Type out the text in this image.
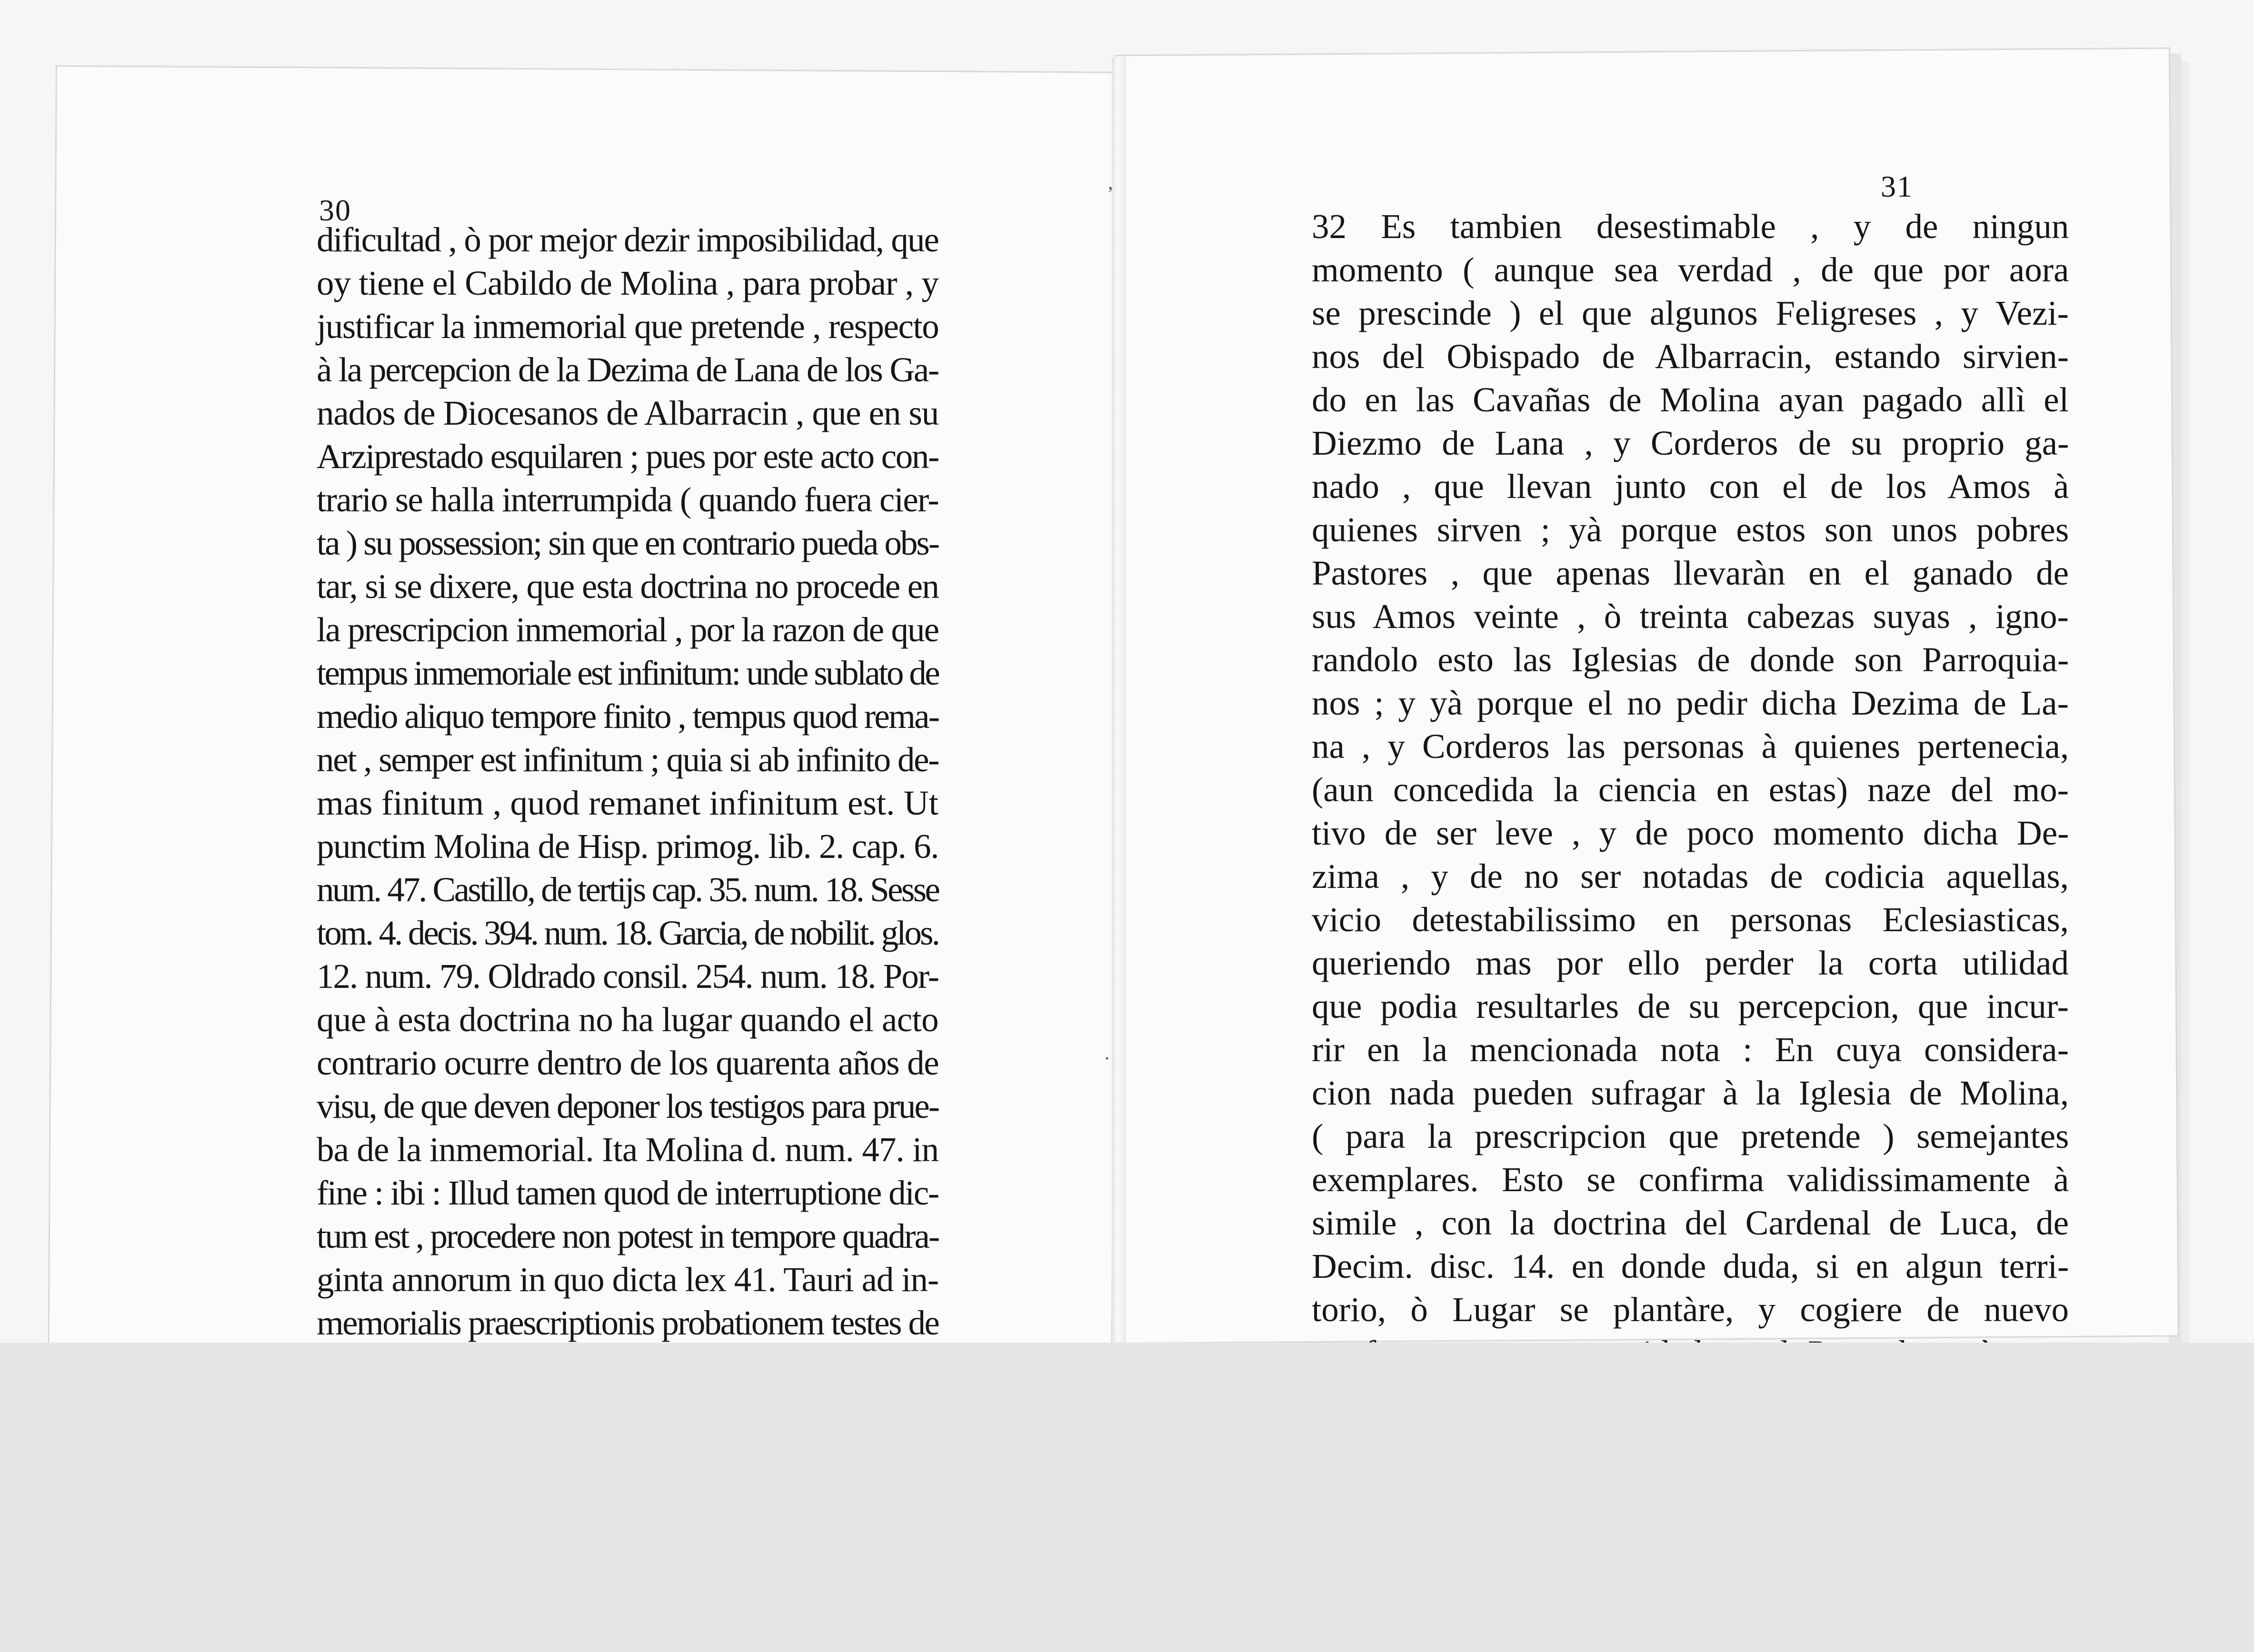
‚
·
30
dificultad , ò por mejor dezir imposibilidad, que
oy tiene el Cabildo de Molina , para probar , y
justificar la inmemorial que pretende , respecto
à la percepcion de la Dezima de Lana de los Ga-
nados de Diocesanos de Albarracin , que en su
Arziprestado esquilaren ; pues por este acto con-
trario se halla interrumpida ( quando fuera cier-
ta ) su possession; sin que en contrario pueda obs-
tar, si se dixere, que esta doctrina no procede en
la prescripcion inmemorial , por la razon de que
tempus inmemoriale est infinitum: unde sublato de
medio aliquo tempore finito , tempus quod rema-
net , semper est infinitum ; quia si ab infinito de-
mas finitum , quod remanet infinitum est. Ut
punctim Molina de Hisp. primog. lib. 2. cap. 6.
num. 47. Castillo, de tertijs cap. 35. num. 18. Sesse
tom. 4. decis. 394. num. 18. Garcia, de nobilit. glos.
12. num. 79. Oldrado consil. 254. num. 18. Por-
que à esta doctrina no ha lugar quando el acto
contrario ocurre dentro de los quarenta años de
visu, de que deven deponer los testigos para prue-
ba de la inmemorial. Ita Molina d. num. 47. in
fine : ibi : Illud tamen quod de interruptione dic-
tum est , procedere non potest in tempore quadra-
ginta annorum in quo dicta lex 41. Tauri ad in-
memorialis praescriptionis probationem testes de
31
32 Es tambien desestimable , y de ningun
momento ( aunque sea verdad , de que por aora
se prescinde ) el que algunos Feligreses , y Vezi-
nos del Obispado de Albarracin, estando sirvien-
do en las Cavañas de Molina ayan pagado allì el
Diezmo de Lana , y Corderos de su proprio ga-
nado , que llevan junto con el de los Amos à
quienes sirven ; yà porque estos son unos pobres
Pastores , que apenas llevaràn en el ganado de
sus Amos veinte , ò treinta cabezas suyas , igno-
randolo esto las Iglesias de donde son Parroquia-
nos ; y yà porque el no pedir dicha Dezima de La-
na , y Corderos las personas à quienes pertenecia,
(aun concedida la ciencia en estas) naze del mo-
tivo de ser leve , y de poco momento dicha De-
zima , y de no ser notadas de codicia aquellas,
vicio detestabilissimo en personas Eclesiasticas,
queriendo mas por ello perder la corta utilidad
que podia resultarles de su percepcion, que incur-
rir en la mencionada nota : En cuya considera-
cion nada pueden sufragar à la Iglesia de Molina,
( para la prescripcion que pretende ) semejantes
exemplares. Esto se confirma validissimamente à
simile , con la doctrina del Cardenal de Luca, de
Decim. disc. 14. en donde duda, si en algun terri-
torio, ò Lugar se plantàre, y cogiere de nuevo
